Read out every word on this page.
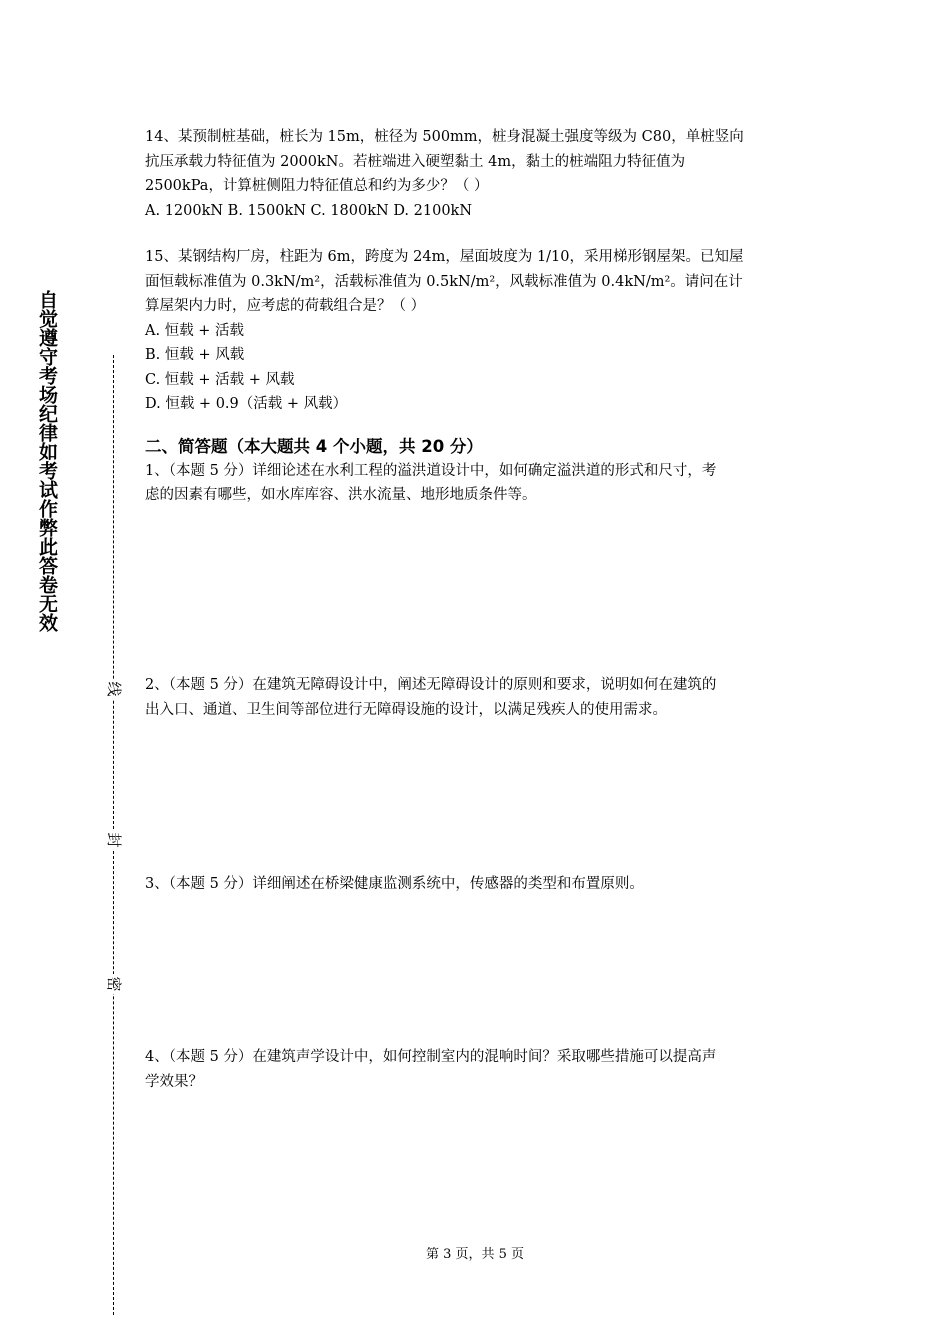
自觉遵守考场纪律如考试作弊此答卷无效
线
封
密
14、某预制桩基础，桩长为 15m，桩径为 500mm，桩身混凝土强度等级为 C80，单桩竖向
抗压承载力特征值为 2000kN。若桩端进入硬塑黏土 4m，黏土的桩端阻力特征值为
2500kPa，计算桩侧阻力特征值总和约为多少？（ ）
A. 1200kN B. 1500kN C. 1800kN D. 2100kN
15、某钢结构厂房，柱距为 6m，跨度为 24m，屋面坡度为 1/10，采用梯形钢屋架。已知屋
面恒载标准值为 0.3kN/m²，活载标准值为 0.5kN/m²，风载标准值为 0.4kN/m²。请问在计
算屋架内力时，应考虑的荷载组合是？（ ）
A. 恒载 + 活载
B. 恒载 + 风载
C. 恒载 + 活载 + 风载
D. 恒载 + 0.9（活载 + 风载）
二、简答题（本大题共 4 个小题，共 20 分）
1、（本题 5 分）详细论述在水利工程的溢洪道设计中，如何确定溢洪道的形式和尺寸，考
虑的因素有哪些，如水库库容、洪水流量、地形地质条件等。
2、（本题 5 分）在建筑无障碍设计中，阐述无障碍设计的原则和要求，说明如何在建筑的
出入口、通道、卫生间等部位进行无障碍设施的设计，以满足残疾人的使用需求。
3、（本题 5 分）详细阐述在桥梁健康监测系统中，传感器的类型和布置原则。
4、（本题 5 分）在建筑声学设计中，如何控制室内的混响时间？采取哪些措施可以提高声
学效果？
第 3 页，共 5 页
